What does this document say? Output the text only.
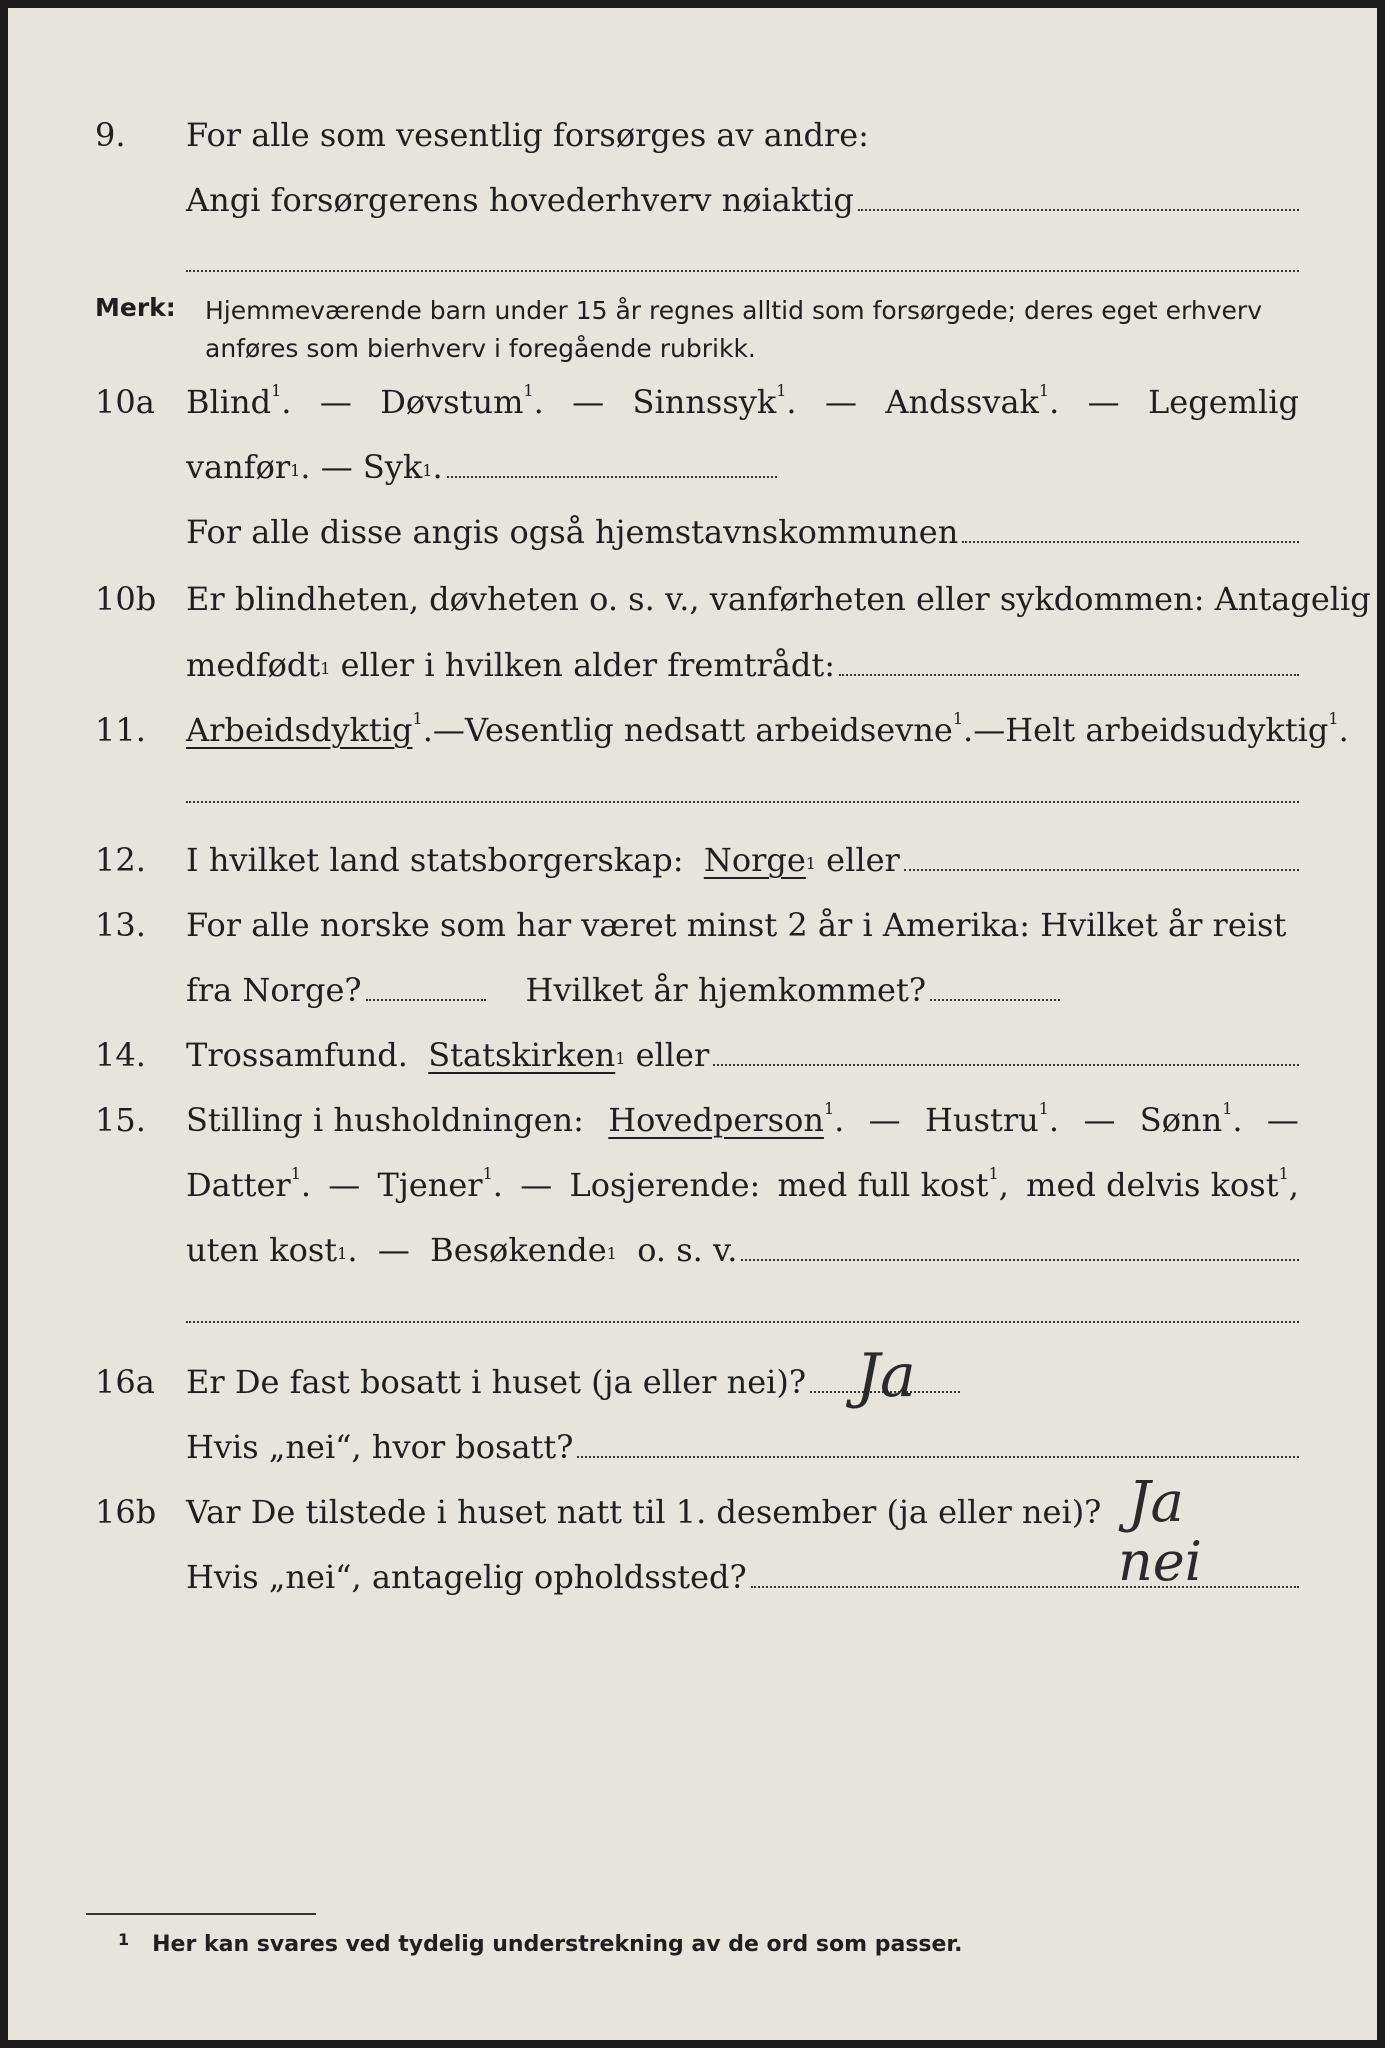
9.	For alle som vesentlig forsørges av andre:
Angi forsørgerens hovederhverv nøiaktig
Merk: Hjemmeværende barn under 15 år regnes alltid som forsørgede; deres eget erhverv
anføres som bierhverv i foregående rubrikk.
10a Blind$^1$. — Døvstum$^1$. — Sinnssyk$^1$. — Andssvak$^1$. — Legemlig
vanfør$^1$ . —
Syk$^1$ .
For alle disse angis også hjemstavnskommunen
10b Er blindheten, døvheten o. s. v., vanførheten eller sykdommen: Antagelig
medfødt$^1$
eller i hvilken alder fremtrådt:
11.	Arbeidsdyktig$^1$. — Vesentlig nedsatt arbeidsevne$^1$. — Helt arbeidsudyktig$^1$.
12.	I hvilket land statsborgerskap:
Norge$^1$
eller
13.	For alle norske som har været minst 2 år i Amerika: Hvilket år reist
fra Norge?	Hvilket år hjemkommet?
14.	Trossamfund.
Statskirken$^1$
eller
15.	Stilling i husholdningen: Hovedperson$^1$. — Hustru$^1$. — Sønn$^1$. —
Datter$^1$. — Tjener$^1$. — Losjerende: med full kost$^1$, med delvis kost$^1$,
uten kost$^1$ . —
Besøkende$^1$
o. s. v.
16a Er De fast bosatt i huset (ja eller nei)? Ja
Hvis „nei“, hvor bosatt?
16b Var De tilstede i huset natt til 1. desember (ja eller nei)? Ja
nei
Hvis „nei“, antagelig opholdssted?
$^1$ Her kan svares ved tydelig understrekning av de ord som passer.
